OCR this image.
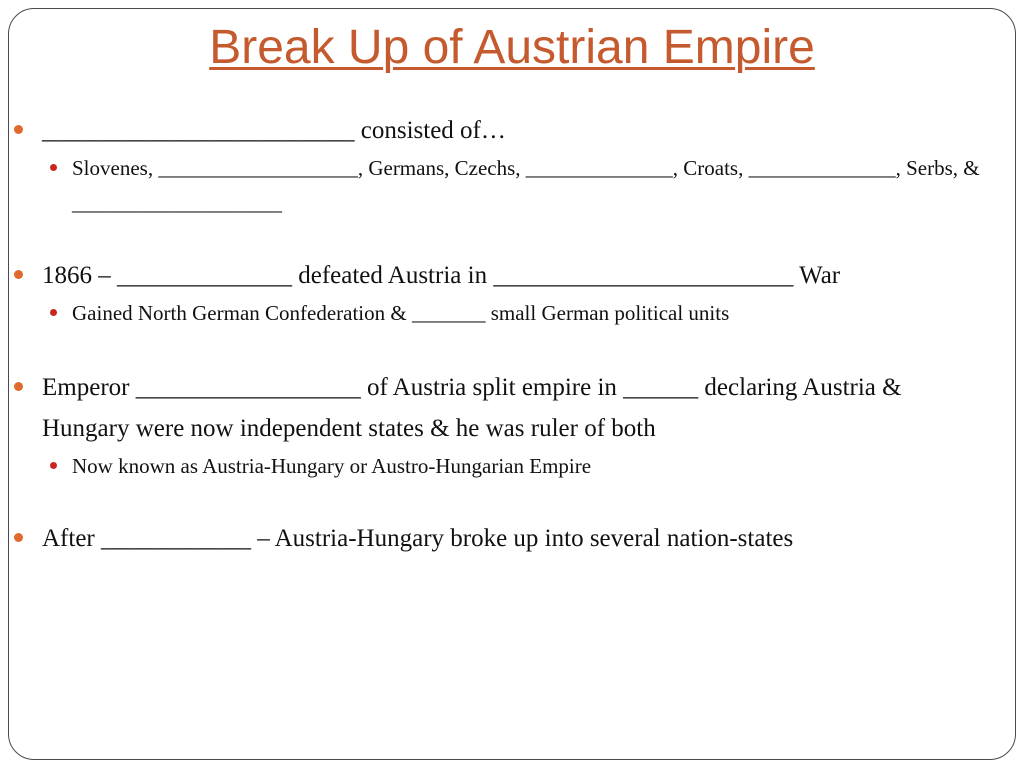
Break Up of Austrian Empire
_________________________ consisted of…
Slovenes, ___________________, Germans, Czechs, ______________, Croats, ______________, Serbs, & ____________________
1866 – ______________ defeated Austria in ________________________ War
Gained North German Confederation & _______ small German political units
Emperor __________________ of Austria split empire in ______ declaring Austria & Hungary were now independent states & he was ruler of both
Now known as Austria-Hungary or Austro-Hungarian Empire
After ____________ – Austria-Hungary broke up into several nation-states
